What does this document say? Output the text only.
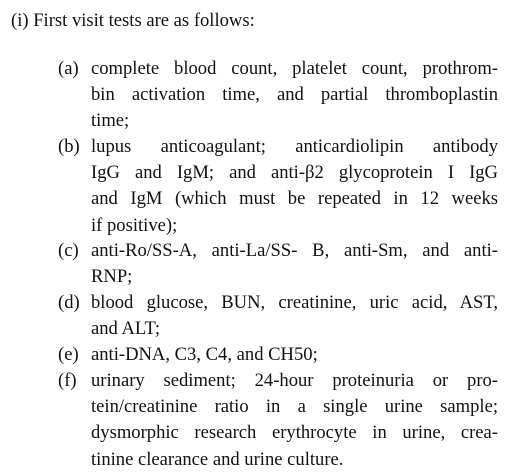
(i) First visit tests are as follows:
(a) complete blood count, platelet count, prothrom-
bin activation time, and partial thromboplastin
time;
(b) lupus anticoagulant; anticardiolipin antibody
IgG and IgM; and anti-β2 glycoprotein I IgG
and IgM (which must be repeated in 12 weeks
if positive);
(c) anti-Ro/SS-A, anti-La/SS- B, anti-Sm, and anti-
RNP;
(d) blood glucose, BUN, creatinine, uric acid, AST,
and ALT;
(e) anti-DNA, C3, C4, and CH50;
(f) urinary sediment; 24-hour proteinuria or pro-
tein/creatinine ratio in a single urine sample;
dysmorphic research erythrocyte in urine, crea-
tinine clearance and urine culture.
